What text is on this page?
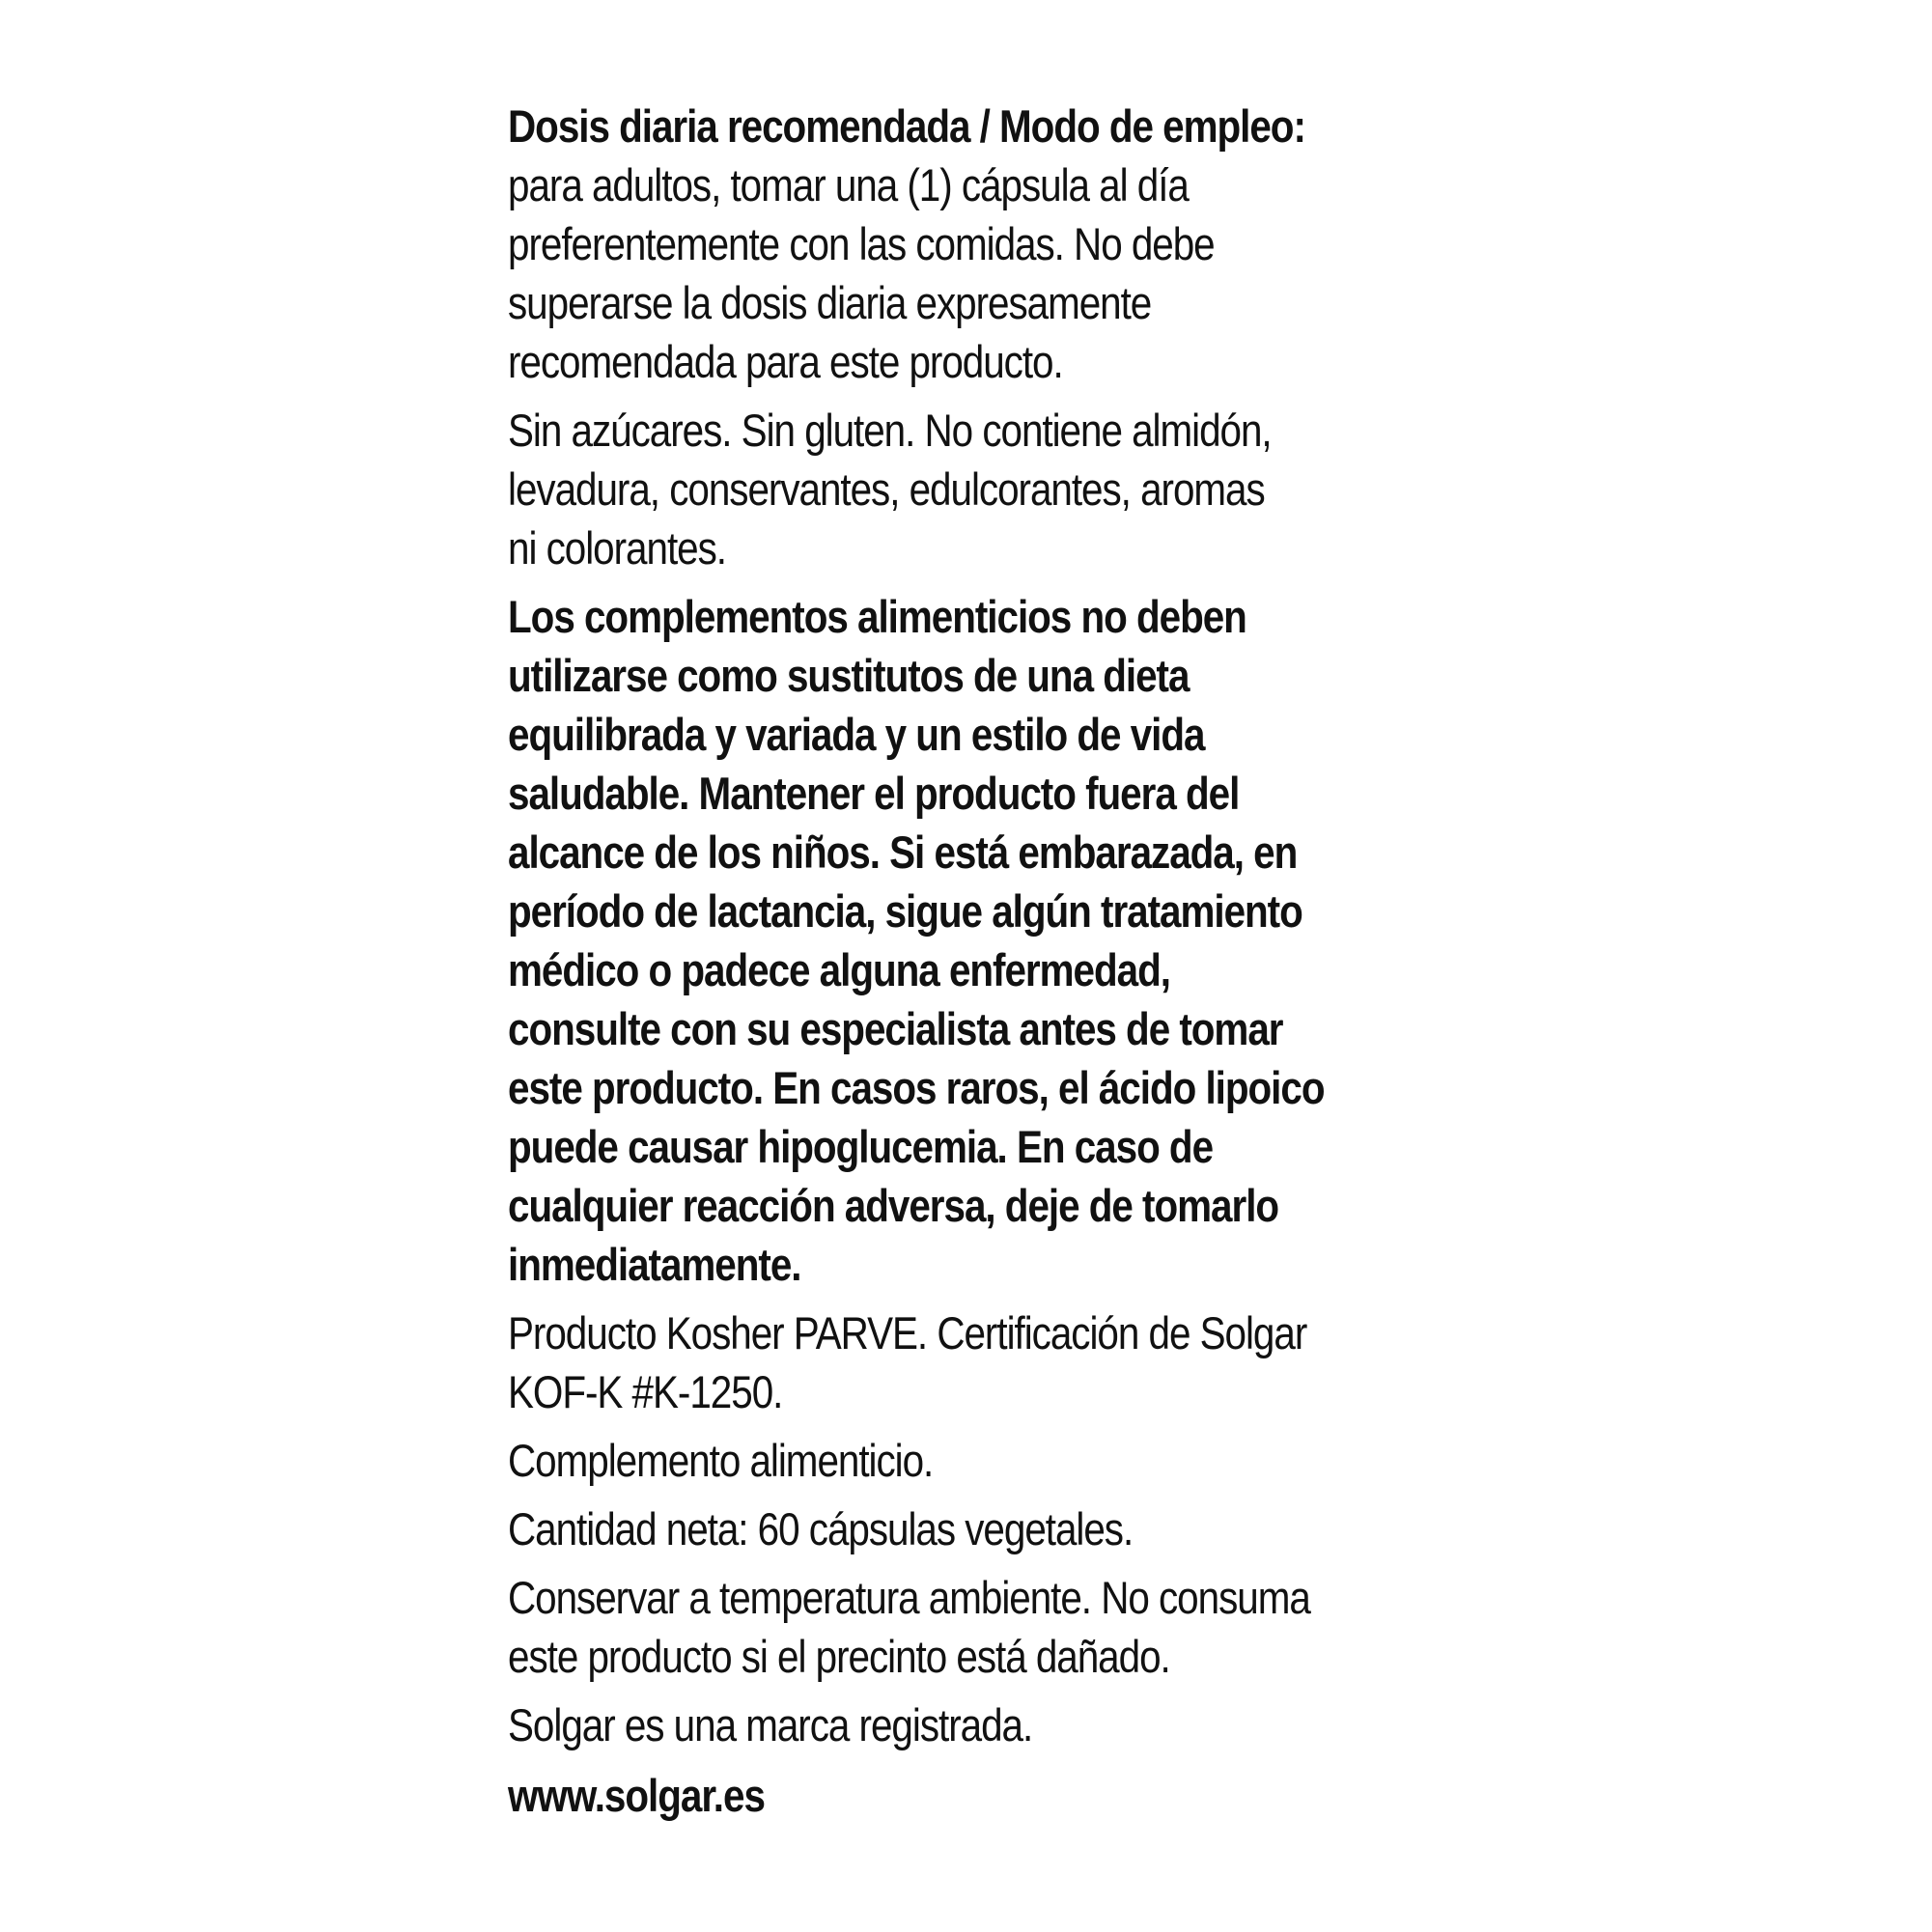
Dosis diaria recomendada / Modo de empleo:

para adultos, tomar una (1) cápsula al día
preferentemente con las comidas. No debe
superarse la dosis diaria expresamente
recomendada para este producto.

Sin azúcares. Sin gluten. No contiene almidón,
levadura, conservantes, edulcorantes, aromas
ni colorantes.

Los complementos alimenticios no deben
utilizarse como sustitutos de una dieta
equilibrada y variada y un estilo de vida
saludable. Mantener el producto fuera del
alcance de los niños. Si está embarazada, en
período de lactancia, sigue algún tratamiento
médico o padece alguna enfermedad,
consulte con su especialista antes de tomar
este producto. En casos raros, el ácido lipoico
puede causar hipoglucemia. En caso de
cualquier reacción adversa, deje de tomarlo
inmediatamente.

Producto Kosher PARVE. Certificación de Solgar
KOF-K #K-1250.

Complemento alimenticio.

Cantidad neta: 60 cápsulas vegetales.

Conservar a temperatura ambiente. No consuma
este producto si el precinto está dañado.

Solgar es una marca registrada.

www.solgar.es
